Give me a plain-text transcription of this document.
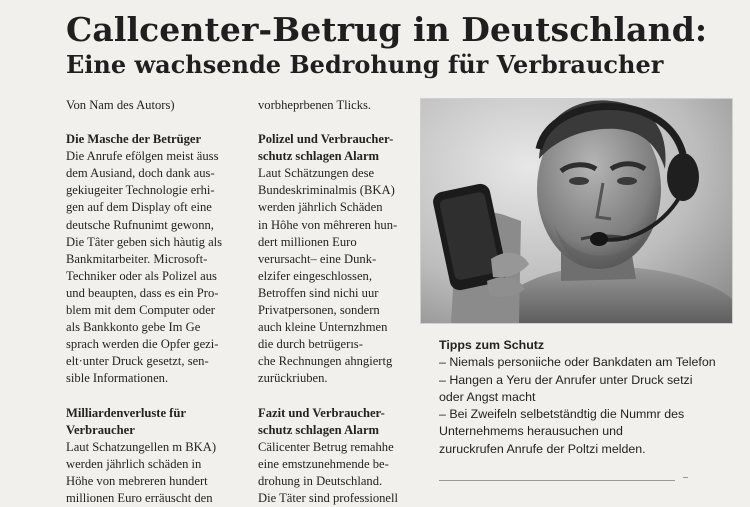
Callcenter-Betrug in Deutschland:
Eine wachsende Bedrohung für Verbraucher

Von Nam des Autors)

Die Masche der Betrüger

Die Anrufe efölgen meist äuss
dem Ausiand, doch dank aus-
gekiugeiter Technologie erhi-
gen auf dem Display oft eine
deutsche Rufnunimt gewonn,
Die Tâter geben sich hàutig als
Bankmitarbeiter. Microsoft-
Techniker oder als Polizel aus
und beaupten, dass es ein Pro-
blem mit dem Computer oder
als Bankkonto gebe Im Ge
sprach werden die Opfer gezi-
elt·unter Druck gesetzt, sen-
sible Informationen.

Milliardenverluste für
Verbraucher

Laut Schatzungellen m BKA)
werden jährlich schäden in
Höhe von mebreren hundert
millionen Euro erräuscht den

vorbheprbenen Tlicks.

Polizel und Verbraucher-
schutz schlagen Alarm

Laut Schätzungen dese
Bundeskriminalmis (BKA)
werden jährlich Schäden
in Hôhe von mêhreren hun-
dert millionen Euro
verursacht– eine Dunk-
elzifer eingeschlossen,
Betroffen sind nichi uur
Privatpersonen, sondern
auch kleine Unternzhmen
die durch betrügerıs-
che Rechnungen ahngiertg
zurückriuben.

Fazit und Verbraucher-
schutz schlagen Alarm

Cälicenter Betrug remahhe
eine emstzunehmende be-
drohung in Deutschland.
Die Täter sind professionell

Tipps zum Schutz

– Niemals personiiche oder Bankdaten am Telefon

– Hangen a Yeru der Anrufer unter Druck setzi
oder Angst macht

– Bei Zweifeln selbetständtig die Nummr des
Unternehmems herausuchen und
zuruckrufen Anrufe der Poltzi melden.
